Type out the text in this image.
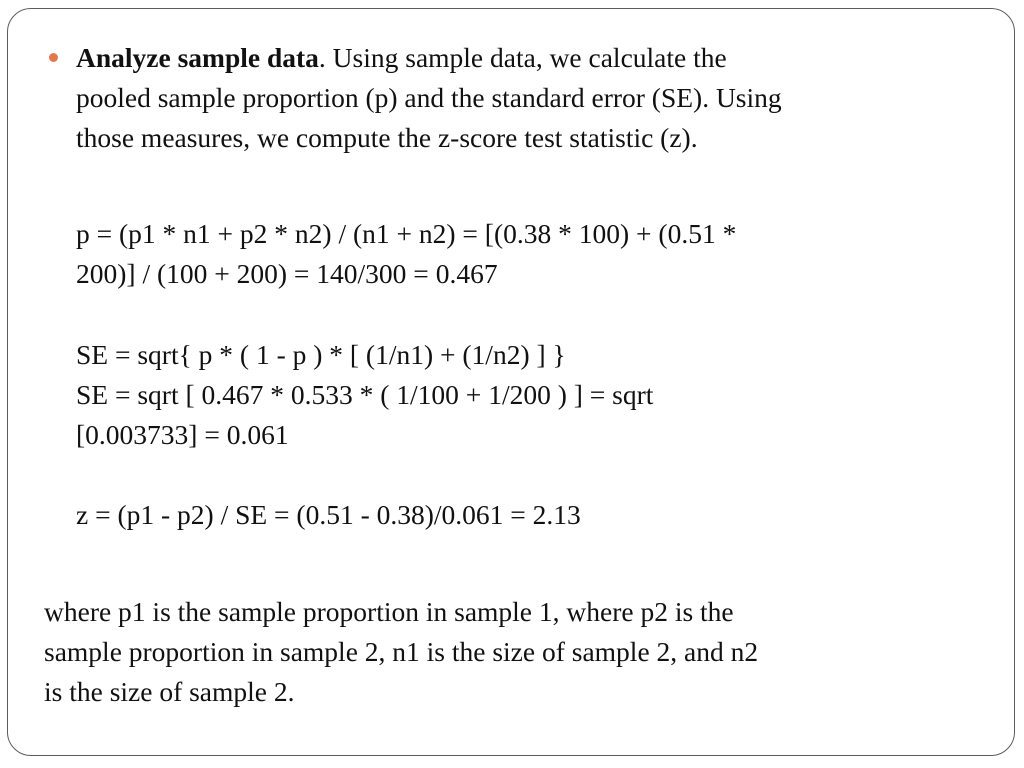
Analyze sample data. Using sample data, we calculate the
pooled sample proportion (p) and the standard error (SE). Using
those measures, we compute the z-score test statistic (z).
p = (p1 * n1 + p2 * n2) / (n1 + n2) = [(0.38 * 100) + (0.51 *
200)] / (100 + 200) = 140/300 = 0.467
SE = sqrt{ p * ( 1 - p ) * [ (1/n1) + (1/n2) ] }
SE = sqrt [ 0.467 * 0.533 * ( 1/100 + 1/200 ) ] = sqrt
[0.003733] = 0.061
z = (p1 - p2) / SE = (0.51 - 0.38)/0.061 = 2.13
where p1 is the sample proportion in sample 1, where p2 is the
sample proportion in sample 2, n1 is the size of sample 2, and n2
is the size of sample 2.
